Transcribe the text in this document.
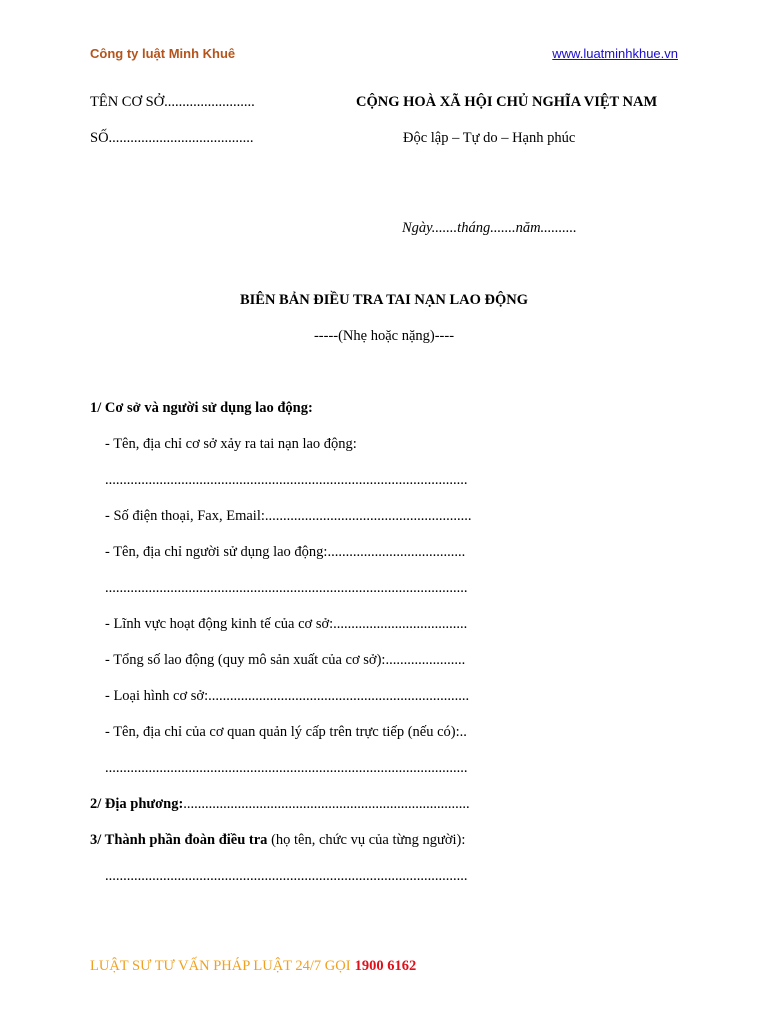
Công ty luật Minh Khuê	www.luatminhkhue.vn
TÊN CƠ SỞ.........................	CỘNG HOÀ XÃ HỘI CHỦ NGHĨA VIỆT NAM
SỐ........................................	Độc lập – Tự do – Hạnh phúc
Ngày.......tháng.......năm..........
BIÊN BẢN ĐIỀU TRA TAI NẠN LAO ĐỘNG
-----(Nhẹ hoặc nặng)----
1/ Cơ sở và người sử dụng lao động:
- Tên, địa chỉ cơ sở xảy ra tai nạn lao động:
....................................................................................................
- Số điện thoại, Fax, Email:.........................................................
- Tên, địa chỉ người sử dụng lao động:......................................
....................................................................................................
- Lĩnh vực hoạt động kinh tế của cơ sở:.....................................
- Tổng số lao động (quy mô sản xuất của cơ sở):......................
- Loại hình cơ sở:........................................................................
- Tên, địa chỉ của cơ quan quản lý cấp trên trực tiếp (nếu có):..
....................................................................................................
2/ Địa phương:...............................................................................
3/ Thành phần đoàn điều tra (họ tên, chức vụ của từng người):
....................................................................................................
LUẬT SƯ TƯ VẤN PHÁP LUẬT 24/7 GỌI 1900 6162
